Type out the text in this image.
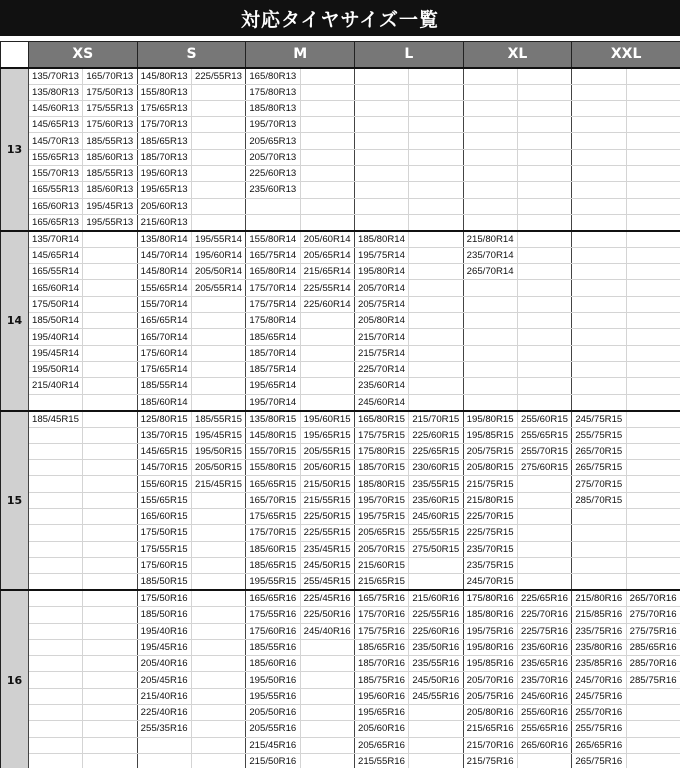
対応タイヤサイズ一覧
	XS		S		M		L		XL		XXL	
13	135/70R13	165/70R13	145/80R13	225/55R13	165/80R13							
	135/80R13	175/50R13	155/80R13		175/80R13							
	145/60R13	175/55R13	175/65R13		185/80R13							
	145/65R13	175/60R13	175/70R13		195/70R13							
	145/70R13	185/55R13	185/65R13		205/65R13							
	155/65R13	185/60R13	185/70R13		205/70R13							
	155/70R13	185/55R13	195/60R13		225/60R13							
	165/55R13	185/60R13	195/65R13		235/60R13							
	165/60R13	195/45R13	205/60R13									
	165/65R13	195/55R13	215/60R13									
14	135/70R14		135/80R14	195/55R14	155/80R14	205/60R14	185/80R14		215/80R14			
	145/65R14		145/70R14	195/60R14	165/75R14	205/65R14	195/75R14		235/70R14			
	165/55R14		145/80R14	205/50R14	165/80R14	215/65R14	195/80R14		265/70R14			
	165/60R14		155/65R14	205/55R14	175/70R14	225/55R14	205/70R14					
	175/50R14		155/70R14		175/75R14	225/60R14	205/75R14					
	185/50R14		165/65R14		175/80R14		205/80R14					
	195/40R14		165/70R14		185/65R14		215/70R14					
	195/45R14		175/60R14		185/70R14		215/75R14					
	195/50R14		175/65R14		185/75R14		225/70R14					
	215/40R14		185/55R14		195/65R14		235/60R14					
			185/60R14		195/70R14		245/60R14					
15	185/45R15		125/80R15	185/55R15	135/80R15	195/60R15	165/80R15	215/70R15	195/80R15	255/60R15	245/75R15	
			135/70R15	195/45R15	145/80R15	195/65R15	175/75R15	225/60R15	195/85R15	255/65R15	255/75R15	
			145/65R15	195/50R15	155/70R15	205/55R15	175/80R15	225/65R15	205/75R15	255/70R15	265/70R15	
			145/70R15	205/50R15	155/80R15	205/60R15	185/70R15	230/60R15	205/80R15	275/60R15	265/75R15	
			155/60R15	215/45R15	165/65R15	215/50R15	185/80R15	235/55R15	215/75R15		275/70R15	
			155/65R15		165/70R15	215/55R15	195/70R15	235/60R15	215/80R15		285/70R15	
			165/60R15		175/65R15	225/50R15	195/75R15	245/60R15	225/70R15			
			175/50R15		175/70R15	225/55R15	205/65R15	255/55R15	225/75R15			
			175/55R15		185/60R15	235/45R15	205/70R15	275/50R15	235/70R15			
			175/60R15		185/65R15	245/50R15	215/60R15		235/75R15			
			185/50R15		195/55R15	255/45R15	215/65R15		245/70R15			
16			175/50R16		165/65R16	225/45R16	165/75R16	215/60R16	175/80R16	225/65R16	215/80R16	265/70R16
			185/50R16		175/55R16	225/50R16	175/70R16	225/55R16	185/80R16	225/70R16	215/85R16	275/70R16
			195/40R16		175/60R16	245/40R16	175/75R16	225/60R16	195/75R16	225/75R16	235/75R16	275/75R16
			195/45R16		185/55R16		185/65R16	235/50R16	195/80R16	235/60R16	235/80R16	285/65R16
			205/40R16		185/60R16		185/70R16	235/55R16	195/85R16	235/65R16	235/85R16	285/70R16
			205/45R16		195/50R16		185/75R16	245/50R16	205/70R16	235/70R16	245/70R16	285/75R16
			215/40R16		195/55R16		195/60R16	245/55R16	205/75R16	245/60R16	245/75R16	
			225/40R16		205/50R16		195/65R16		205/80R16	255/60R16	255/70R16	
			255/35R16		205/55R16		205/60R16		215/65R16	255/65R16	255/75R16	
					215/45R16		205/65R16		215/70R16	265/60R16	265/65R16	
					215/50R16		215/55R16		215/75R16		265/75R16	
